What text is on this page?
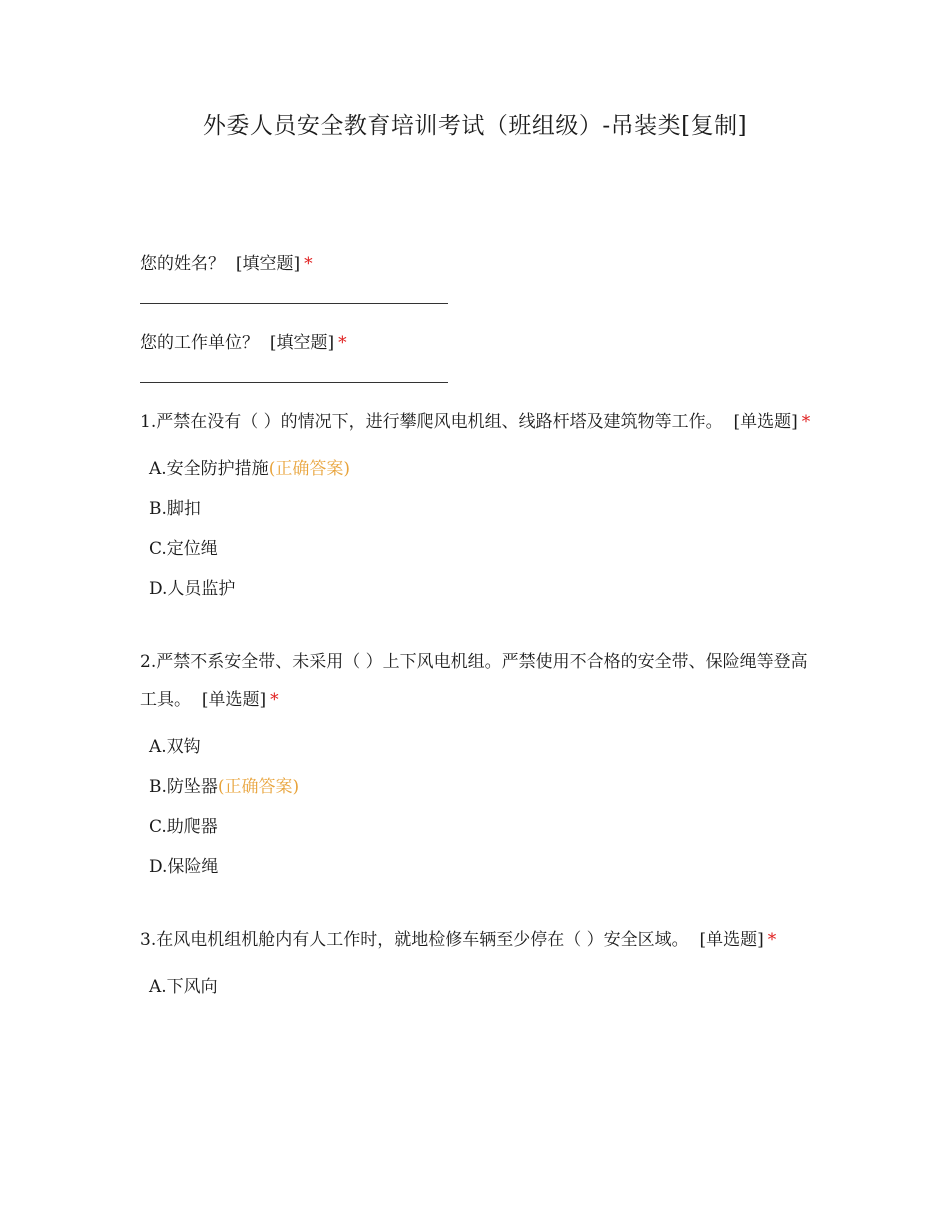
外委人员安全教育培训考试（班组级）-吊装类[复制]

您的姓名？ [填空题] *

您的工作单位？ [填空题] *

1.严禁在没有（ ）的情况下，进行攀爬风电机组、线路杆塔及建筑物等工作。 [单选题] *

A.安全防护措施(正确答案)
B.脚扣
C.定位绳
D.人员监护

2.严禁不系安全带、未采用（ ）上下风电机组。严禁使用不合格的安全带、保险绳等登高工具。 [单选题] *

A.双钩
B.防坠器(正确答案)
C.助爬器
D.保险绳

3.在风电机组机舱内有人工作时，就地检修车辆至少停在（ ）安全区域。 [单选题] *

A.下风向
